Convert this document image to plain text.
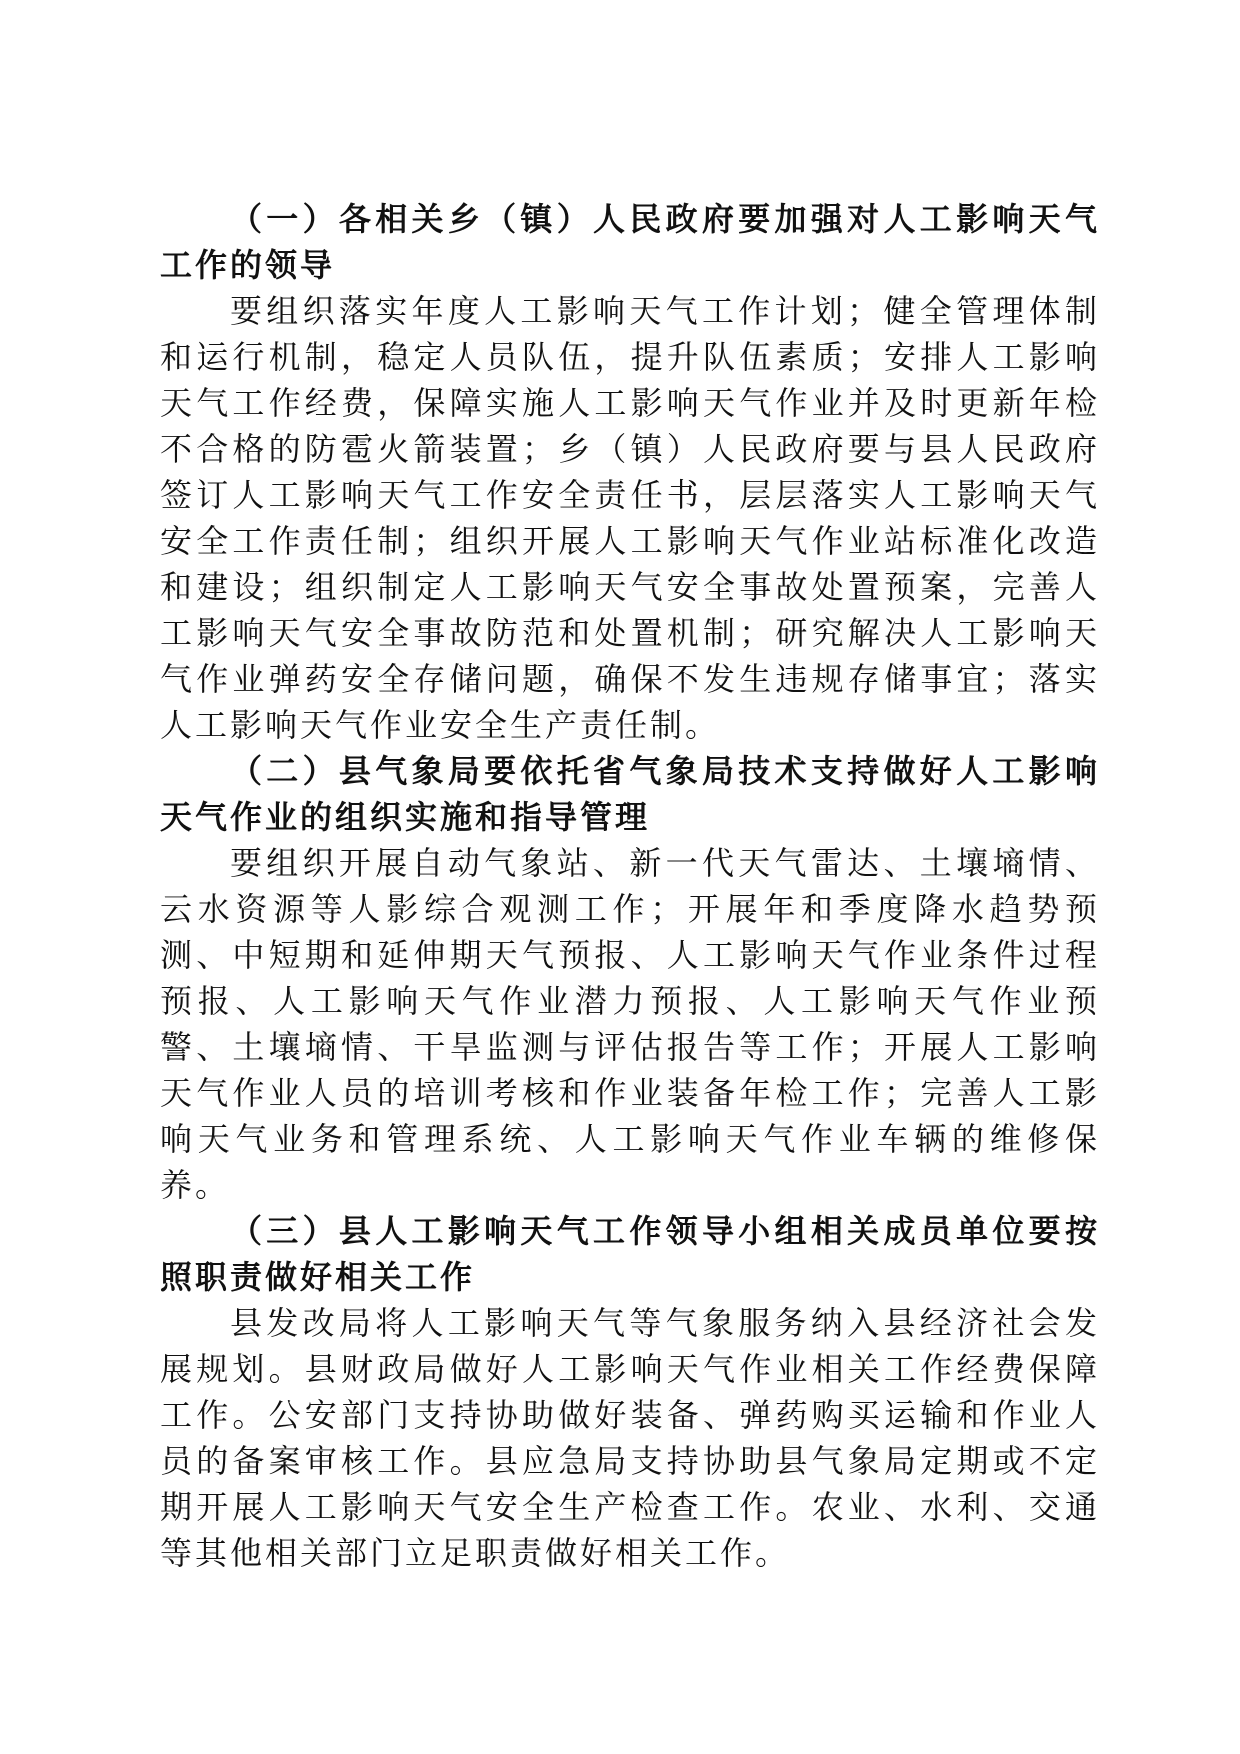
（一）各相关乡（镇）人民政府要加强对人工影响天气工作的领导

要组织落实年度人工影响天气工作计划；健全管理体制和运行机制，稳定人员队伍，提升队伍素质；安排人工影响天气工作经费，保障实施人工影响天气作业并及时更新年检不合格的防雹火箭装置；乡（镇）人民政府要与县人民政府签订人工影响天气工作安全责任书，层层落实人工影响天气安全工作责任制；组织开展人工影响天气作业站标准化改造和建设；组织制定人工影响天气安全事故处置预案，完善人工影响天气安全事故防范和处置机制；研究解决人工影响天气作业弹药安全存储问题，确保不发生违规存储事宜；落实人工影响天气作业安全生产责任制。

（二）县气象局要依托省气象局技术支持做好人工影响天气作业的组织实施和指导管理

要组织开展自动气象站、新一代天气雷达、土壤墒情、云水资源等人影综合观测工作；开展年和季度降水趋势预测、中短期和延伸期天气预报、人工影响天气作业条件过程预报、人工影响天气作业潜力预报、人工影响天气作业预警、土壤墒情、干旱监测与评估报告等工作；开展人工影响天气作业人员的培训考核和作业装备年检工作；完善人工影响天气业务和管理系统、人工影响天气作业车辆的维修保养。

（三）县人工影响天气工作领导小组相关成员单位要按照职责做好相关工作

县发改局将人工影响天气等气象服务纳入县经济社会发展规划。县财政局做好人工影响天气作业相关工作经费保障工作。公安部门支持协助做好装备、弹药购买运输和作业人员的备案审核工作。县应急局支持协助县气象局定期或不定期开展人工影响天气安全生产检查工作。农业、水利、交通等其他相关部门立足职责做好相关工作。
